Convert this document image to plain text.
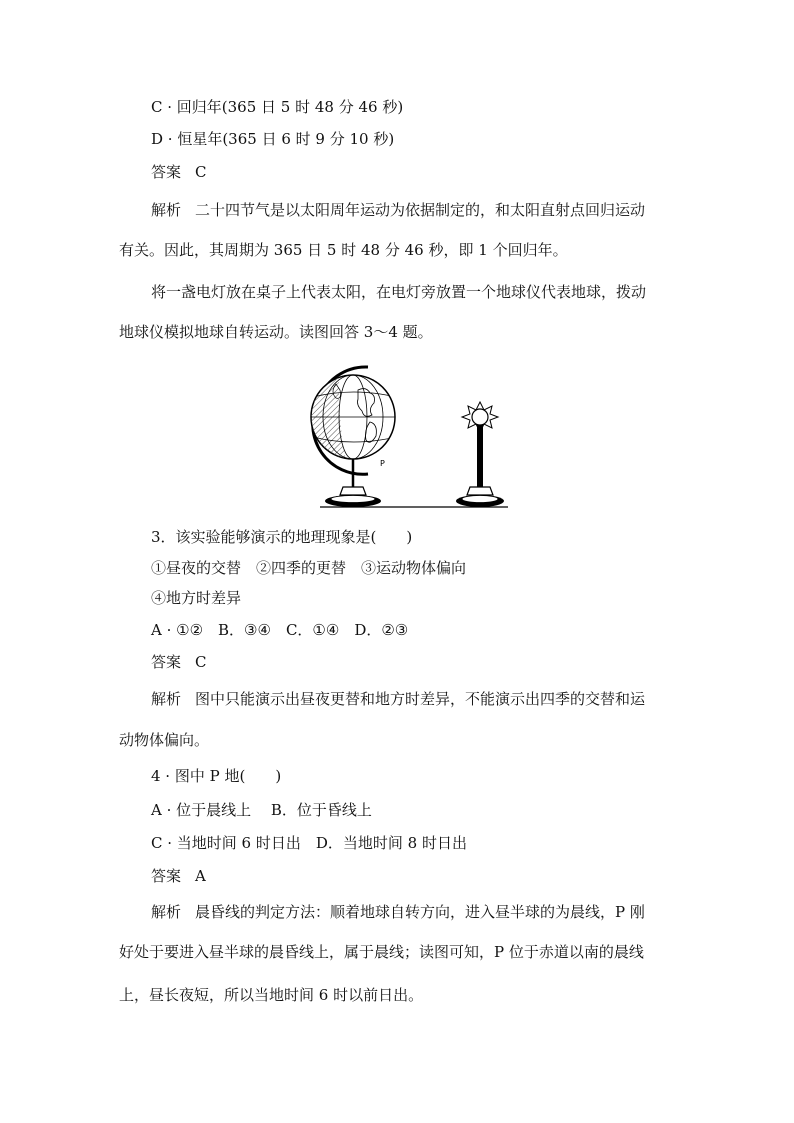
C · 回归年(365 日 5 时 48 分 46 秒)
D · 恒星年(365 日 6 时 9 分 10 秒)
答案 C
解析 二十四节气是以太阳周年运动为依据制定的，和太阳直射点回归运动
有关。因此，其周期为 365 日 5 时 48 分 46 秒，即 1 个回归年。
将一盏电灯放在桌子上代表太阳，在电灯旁放置一个地球仪代表地球，拨动
地球仪模拟地球自转运动。读图回答 3～4 题。
P
3．该实验能够演示的地理现象是(　　)
①昼夜的交替　②四季的更替　③运动物体偏向
④地方时差异
A · ①②　B．③④　C．①④　D．②③
答案 C
解析 图中只能演示出昼夜更替和地方时差异，不能演示出四季的交替和运
动物体偏向。
4 · 图中 P 地(　　)
A · 位于晨线上　 B．位于昏线上
C · 当地时间 6 时日出　D．当地时间 8 时日出
答案 A
解析 晨昏线的判定方法：顺着地球自转方向，进入昼半球的为晨线，P 刚
好处于要进入昼半球的晨昏线上，属于晨线；读图可知，P 位于赤道以南的晨线
上，昼长夜短，所以当地时间 6 时以前日出。
